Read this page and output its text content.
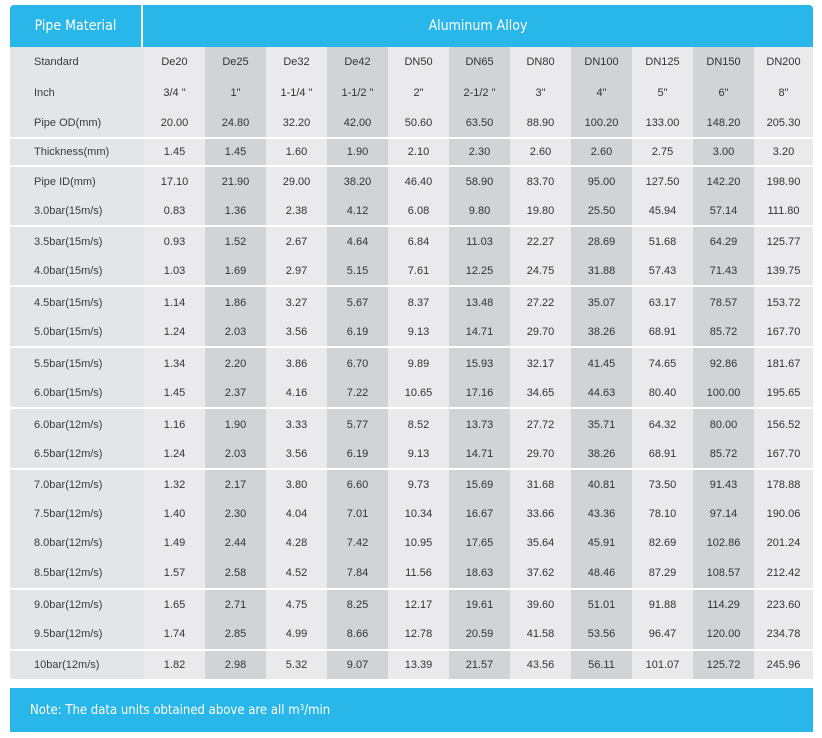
Pipe Material	Aluminum Alloy
Standard	De20	De25	De32	De42	DN50	DN65	DN80	DN100	DN125	DN150	DN200
Inch	3/4 "	1"	1-1/4 "	1-1/2 "	2"	2-1/2 "	3"	4"	5"	6"	8"
Pipe OD(mm)	20.00	24.80	32.20	42.00	50.60	63.50	88.90	100.20	133.00	148.20	205.30
Thickness(mm)	1.45	1.45	1.60	1.90	2.10	2.30	2.60	2.60	2.75	3.00	3.20
Pipe ID(mm)	17.10	21.90	29.00	38.20	46.40	58.90	83.70	95.00	127.50	142.20	198.90
3.0bar(15m/s)	0.83	1.36	2.38	4.12	6.08	9.80	19.80	25.50	45.94	57.14	111.80
3.5bar(15m/s)	0.93	1.52	2.67	4.64	6.84	11.03	22.27	28.69	51.68	64.29	125.77
4.0bar(15m/s)	1.03	1.69	2.97	5.15	7.61	12.25	24.75	31.88	57.43	71.43	139.75
4.5bar(15m/s)	1.14	1.86	3.27	5.67	8.37	13.48	27.22	35.07	63.17	78.57	153.72
5.0bar(15m/s)	1.24	2.03	3.56	6.19	9.13	14.71	29.70	38.26	68.91	85.72	167.70
5.5bar(15m/s)	1.34	2.20	3.86	6.70	9.89	15.93	32.17	41.45	74.65	92.86	181.67
6.0bar(15m/s)	1.45	2.37	4.16	7.22	10.65	17.16	34.65	44.63	80.40	100.00	195.65
6.0bar(12m/s)	1.16	1.90	3.33	5.77	8.52	13.73	27.72	35.71	64.32	80.00	156.52
6.5bar(12m/s)	1.24	2.03	3.56	6.19	9.13	14.71	29.70	38.26	68.91	85.72	167.70
7.0bar(12m/s)	1.32	2.17	3.80	6.60	9.73	15.69	31.68	40.81	73.50	91.43	178.88
7.5bar(12m/s)	1.40	2.30	4.04	7.01	10.34	16.67	33.66	43.36	78.10	97.14	190.06
8.0bar(12m/s)	1.49	2.44	4.28	7.42	10.95	17.65	35.64	45.91	82.69	102.86	201.24
8.5bar(12m/s)	1.57	2.58	4.52	7.84	11.56	18.63	37.62	48.46	87.29	108.57	212.42
9.0bar(12m/s)	1.65	2.71	4.75	8.25	12.17	19.61	39.60	51.01	91.88	114.29	223.60
9.5bar(12m/s)	1.74	2.85	4.99	8.66	12.78	20.59	41.58	53.56	96.47	120.00	234.78
10bar(12m/s)	1.82	2.98	5.32	9.07	13.39	21.57	43.56	56.11	101.07	125.72	245.96
Note: The data units obtained above are all $m^3$ /min
